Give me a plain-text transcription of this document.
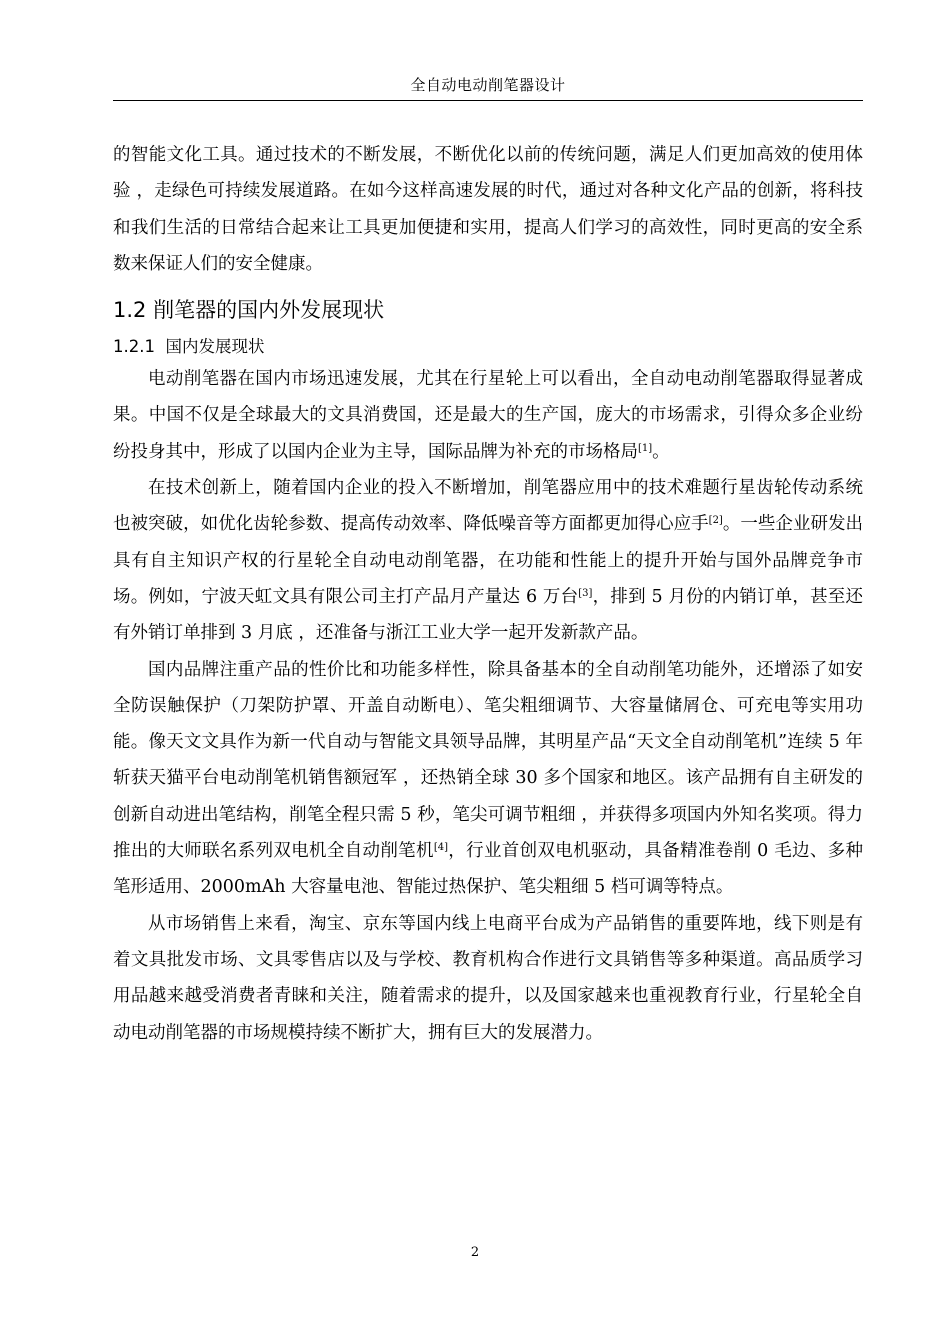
全自动电动削笔器设计

的智能文化工具。通过技术的不断发展，不断优化以前的传统问题，满足人们更加高效的使用体验 ，走绿色可持续发展道路。在如今这样高速发展的时代，通过对各种文化产品的创新，将科技和我们生活的日常结合起来让工具更加便捷和实用，提高人们学习的高效性，同时更高的安全系数来保证人们的安全健康。

1.2 削笔器的国内外发展现状
1.2.1 国内发展现状

电动削笔器在国内市场迅速发展，尤其在行星轮上可以看出，全自动电动削笔器取得显著成果。中国不仅是全球最大的文具消费国，还是最大的生产国，庞大的市场需求，引得众多企业纷纷投身其中，形成了以国内企业为主导，国际品牌为补充的市场格局[1]。

在技术创新上，随着国内企业的投入不断增加，削笔器应用中的技术难题行星齿轮传动系统也被突破，如优化齿轮参数、提高传动效率、降低噪音等方面都更加得心应手[2]。一些企业研发出具有自主知识产权的行星轮全自动电动削笔器，在功能和性能上的提升开始与国外品牌竞争市场。例如，宁波天虹文具有限公司主打产品月产量达 6 万台[3]，排到 5 月份的内销订单，甚至还有外销订单排到 3 月底 ，还准备与浙江工业大学一起开发新款产品。

国内品牌注重产品的性价比和功能多样性，除具备基本的全自动削笔功能外，还增添了如安全防误触保护（刀架防护罩、开盖自动断电）、笔尖粗细调节、大容量储屑仓、可充电等实用功能。像天文文具作为新一代自动与智能文具领导品牌，其明星产品“天文全自动削笔机”连续 5 年斩获天猫平台电动削笔机销售额冠军 ，还热销全球 30 多个国家和地区。该产品拥有自主研发的创新自动进出笔结构，削笔全程只需 5 秒，笔尖可调节粗细 ，并获得多项国内外知名奖项。得力推出的大师联名系列双电机全自动削笔机[4]，行业首创双电机驱动，具备精准卷削 0 毛边、多种笔形适用、2000mAh 大容量电池、智能过热保护、笔尖粗细 5 档可调等特点。

从市场销售上来看，淘宝、京东等国内线上电商平台成为产品销售的重要阵地，线下则是有着文具批发市场、文具零售店以及与学校、教育机构合作进行文具销售等多种渠道。高品质学习用品越来越受消费者青睐和关注，随着需求的提升，以及国家越来也重视教育行业，行星轮全自动电动削笔器的市场规模持续不断扩大，拥有巨大的发展潜力。

2
